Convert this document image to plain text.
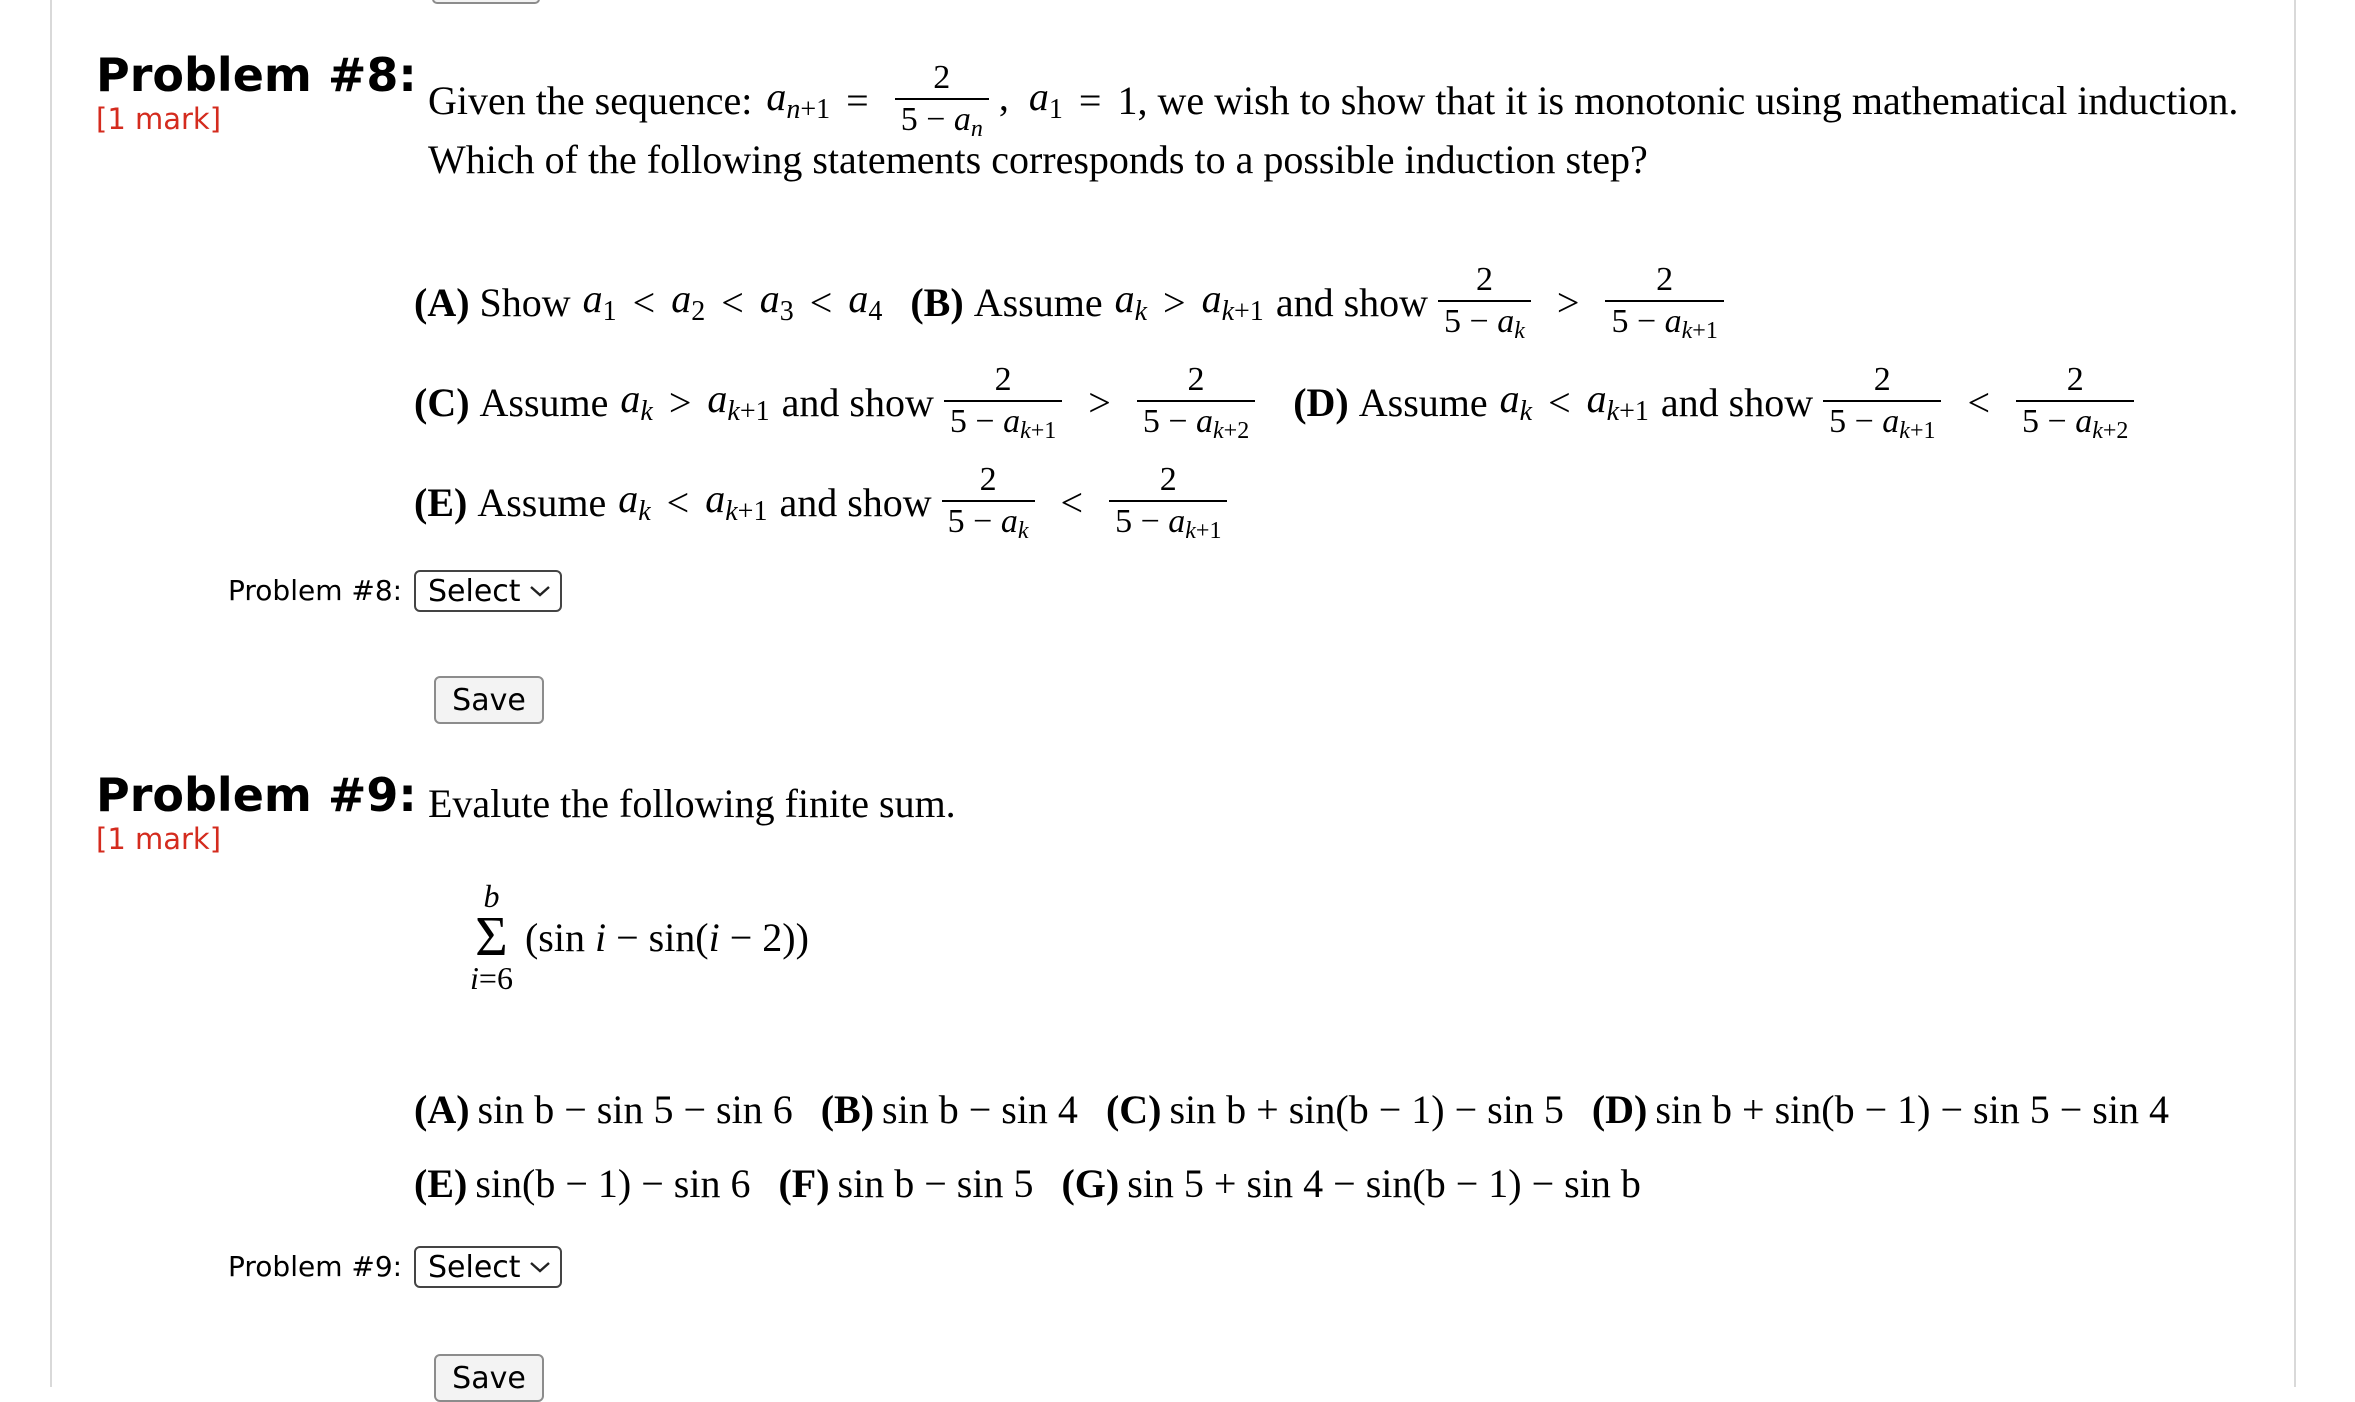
Problem #8:
[1 mark]	Given the sequence: $a_{n+1} = \frac{2}{5 - a_n}$ ,  $a_1 = 1$, we wish to show that it is monotonic using mathematical induction.
Which of the following statements corresponds to a possible induction step?
(A) Show $a_1 < a_2 < a_3 < a_4$ (B) Assume $a_k > a_{k+1}$ and show $\frac{2}{5 - a_k} > \frac{2}{5 - a_{k+1}}$
(C) Assume $a_k > a_{k+1}$ and show $\frac{2}{5 - a_{k+1}} > \frac{2}{5 - a_{k+2}} (D)$ Assume $a_k < a_{k+1}$ and show $\frac{2}{5 - a_{k+1}} < \frac{2}{5 - a_{k+2}}$
(E) Assume $a_k < a_{k+1}$ and show $\frac{2}{5 - a_k} < \frac{2}{5 - a_{k+1}}$
Problem #8: Select
Save
Problem #9:
[1 mark]
Evalute the following finite sum.
b
Σ
i=6
(sin i − sin(i − 2))
(A) sin b − sin 5 − sin 6 (B) sin b − sin 4 (C) sin b + sin(b − 1) − sin 5 (D) sin b + sin(b − 1) − sin 5 − sin 4
(E) sin(b − 1) − sin 6 (F) sin b − sin 5 (G) sin 5 + sin 4 − sin(b − 1) − sin b
Problem #9: Select
Save
